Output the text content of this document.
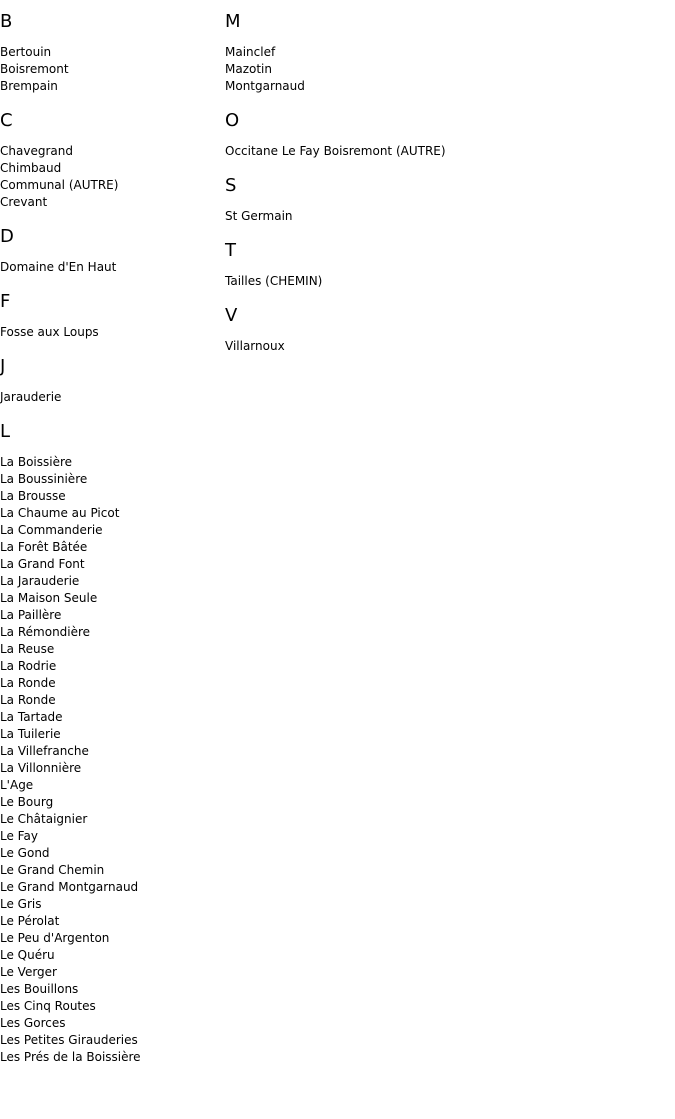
B
Bertouin
Boisremont
Brempain
C
Chavegrand
Chimbaud
Communal (AUTRE)
Crevant
D
Domaine d'En Haut
F
Fosse aux Loups
J
Jarauderie
L
La Boissière
La Boussinière
La Brousse
La Chaume au Picot
La Commanderie
La Forêt Bâtée
La Grand Font
La Jarauderie
La Maison Seule
La Paillère
La Rémondière
La Reuse
La Rodrie
La Ronde
La Ronde
La Tartade
La Tuilerie
La Villefranche
La Villonnière
L'Age
Le Bourg
Le Châtaignier
Le Fay
Le Gond
Le Grand Chemin
Le Grand Montgarnaud
Le Gris
Le Pérolat
Le Peu d'Argenton
Le Quéru
Le Verger
Les Bouillons
Les Cinq Routes
Les Gorces
Les Petites Girauderies
Les Prés de la Boissière
M
Mainclef
Mazotin
Montgarnaud
O
Occitane Le Fay Boisremont (AUTRE)
S
St Germain
T
Tailles (CHEMIN)
V
Villarnoux
